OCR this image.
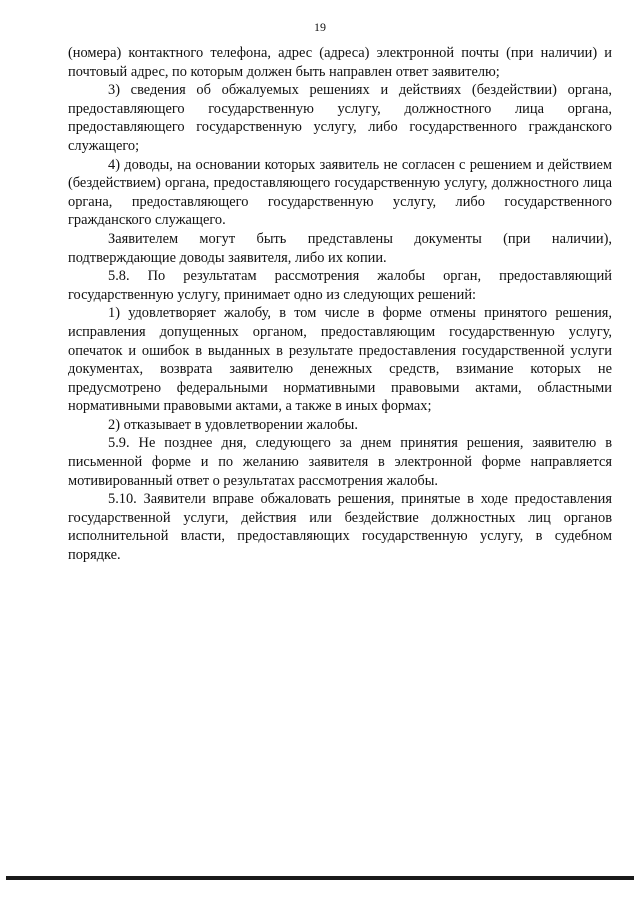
19

(номера) контактного телефона, адрес (адреса) электронной почты (при наличии) и почтовый адрес, по которым должен быть направлен ответ заявителю;

3) сведения об обжалуемых решениях и действиях (бездействии) органа, предоставляющего государственную услугу, должностного лица органа, предоставляющего государственную услугу, либо государственного гражданского служащего;

4) доводы, на основании которых заявитель не согласен с решением и действием (бездействием) органа, предоставляющего государственную услугу, должностного лица органа, предоставляющего государственную услугу, либо государственного гражданского служащего.

Заявителем могут быть представлены документы (при наличии), подтверждающие доводы заявителя, либо их копии.

5.8. По результатам рассмотрения жалобы орган, предоставляющий государственную услугу, принимает одно из следующих решений:

1) удовлетворяет жалобу, в том числе в форме отмены принятого решения, исправления допущенных органом, предоставляющим государственную услугу, опечаток и ошибок в выданных в результате предоставления государственной услуги документах, возврата заявителю денежных средств, взимание которых не предусмотрено федеральными нормативными правовыми актами, областными нормативными правовыми актами, а также в иных формах;

2) отказывает в удовлетворении жалобы.

5.9. Не позднее дня, следующего за днем принятия решения, заявителю в письменной форме и по желанию заявителя в электронной форме направляется мотивированный ответ о результатах рассмотрения жалобы.

5.10. Заявители вправе обжаловать решения, принятые в ходе предоставления государственной услуги, действия или бездействие должностных лиц органов исполнительной власти, предоставляющих государственную услугу, в судебном порядке.
